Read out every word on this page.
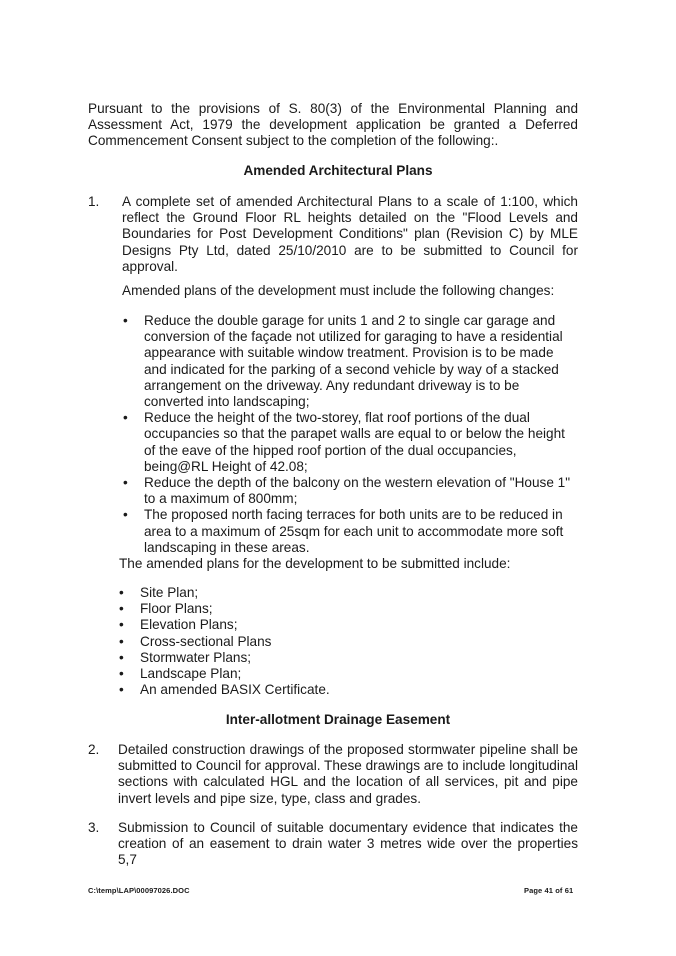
Pursuant to the provisions of S. 80(3) of the Environmental Planning and Assessment Act, 1979 the development application be granted a Deferred Commencement Consent subject to the completion of the following:.
Amended Architectural Plans
1. A complete set of amended Architectural Plans to a scale of 1:100, which reflect the Ground Floor RL heights detailed on the "Flood Levels and Boundaries for Post Development Conditions" plan (Revision C) by MLE Designs Pty Ltd, dated 25/10/2010 are to be submitted to Council for approval.
Amended plans of the development must include the following changes:
• Reduce the double garage for units 1 and 2 to single car garage and conversion of the façade not utilized for garaging to have a residential appearance with suitable window treatment. Provision is to be made and indicated for the parking of a second vehicle by way of a stacked arrangement on the driveway. Any redundant driveway is to be converted into landscaping;
• Reduce the height of the two-storey, flat roof portions of the dual occupancies so that the parapet walls are equal to or below the height of the eave of the hipped roof portion of the dual occupancies, being@RL Height of 42.08;
• Reduce the depth of the balcony on the western elevation of "House 1" to a maximum of 800mm;
• The proposed north facing terraces for both units are to be reduced in area to a maximum of 25sqm for each unit to accommodate more soft landscaping in these areas.
The amended plans for the development to be submitted include:
• Site Plan;
• Floor Plans;
• Elevation Plans;
• Cross-sectional Plans
• Stormwater Plans;
• Landscape Plan;
• An amended BASIX Certificate.
Inter-allotment Drainage Easement
2. Detailed construction drawings of the proposed stormwater pipeline shall be submitted to Council for approval. These drawings are to include longitudinal sections with calculated HGL and the location of all services, pit and pipe invert levels and pipe size, type, class and grades.
3. Submission to Council of suitable documentary evidence that indicates the creation of an easement to drain water 3 metres wide over the properties 5,7
C:\temp\LAP\00097026.DOC	Page 41 of 61
